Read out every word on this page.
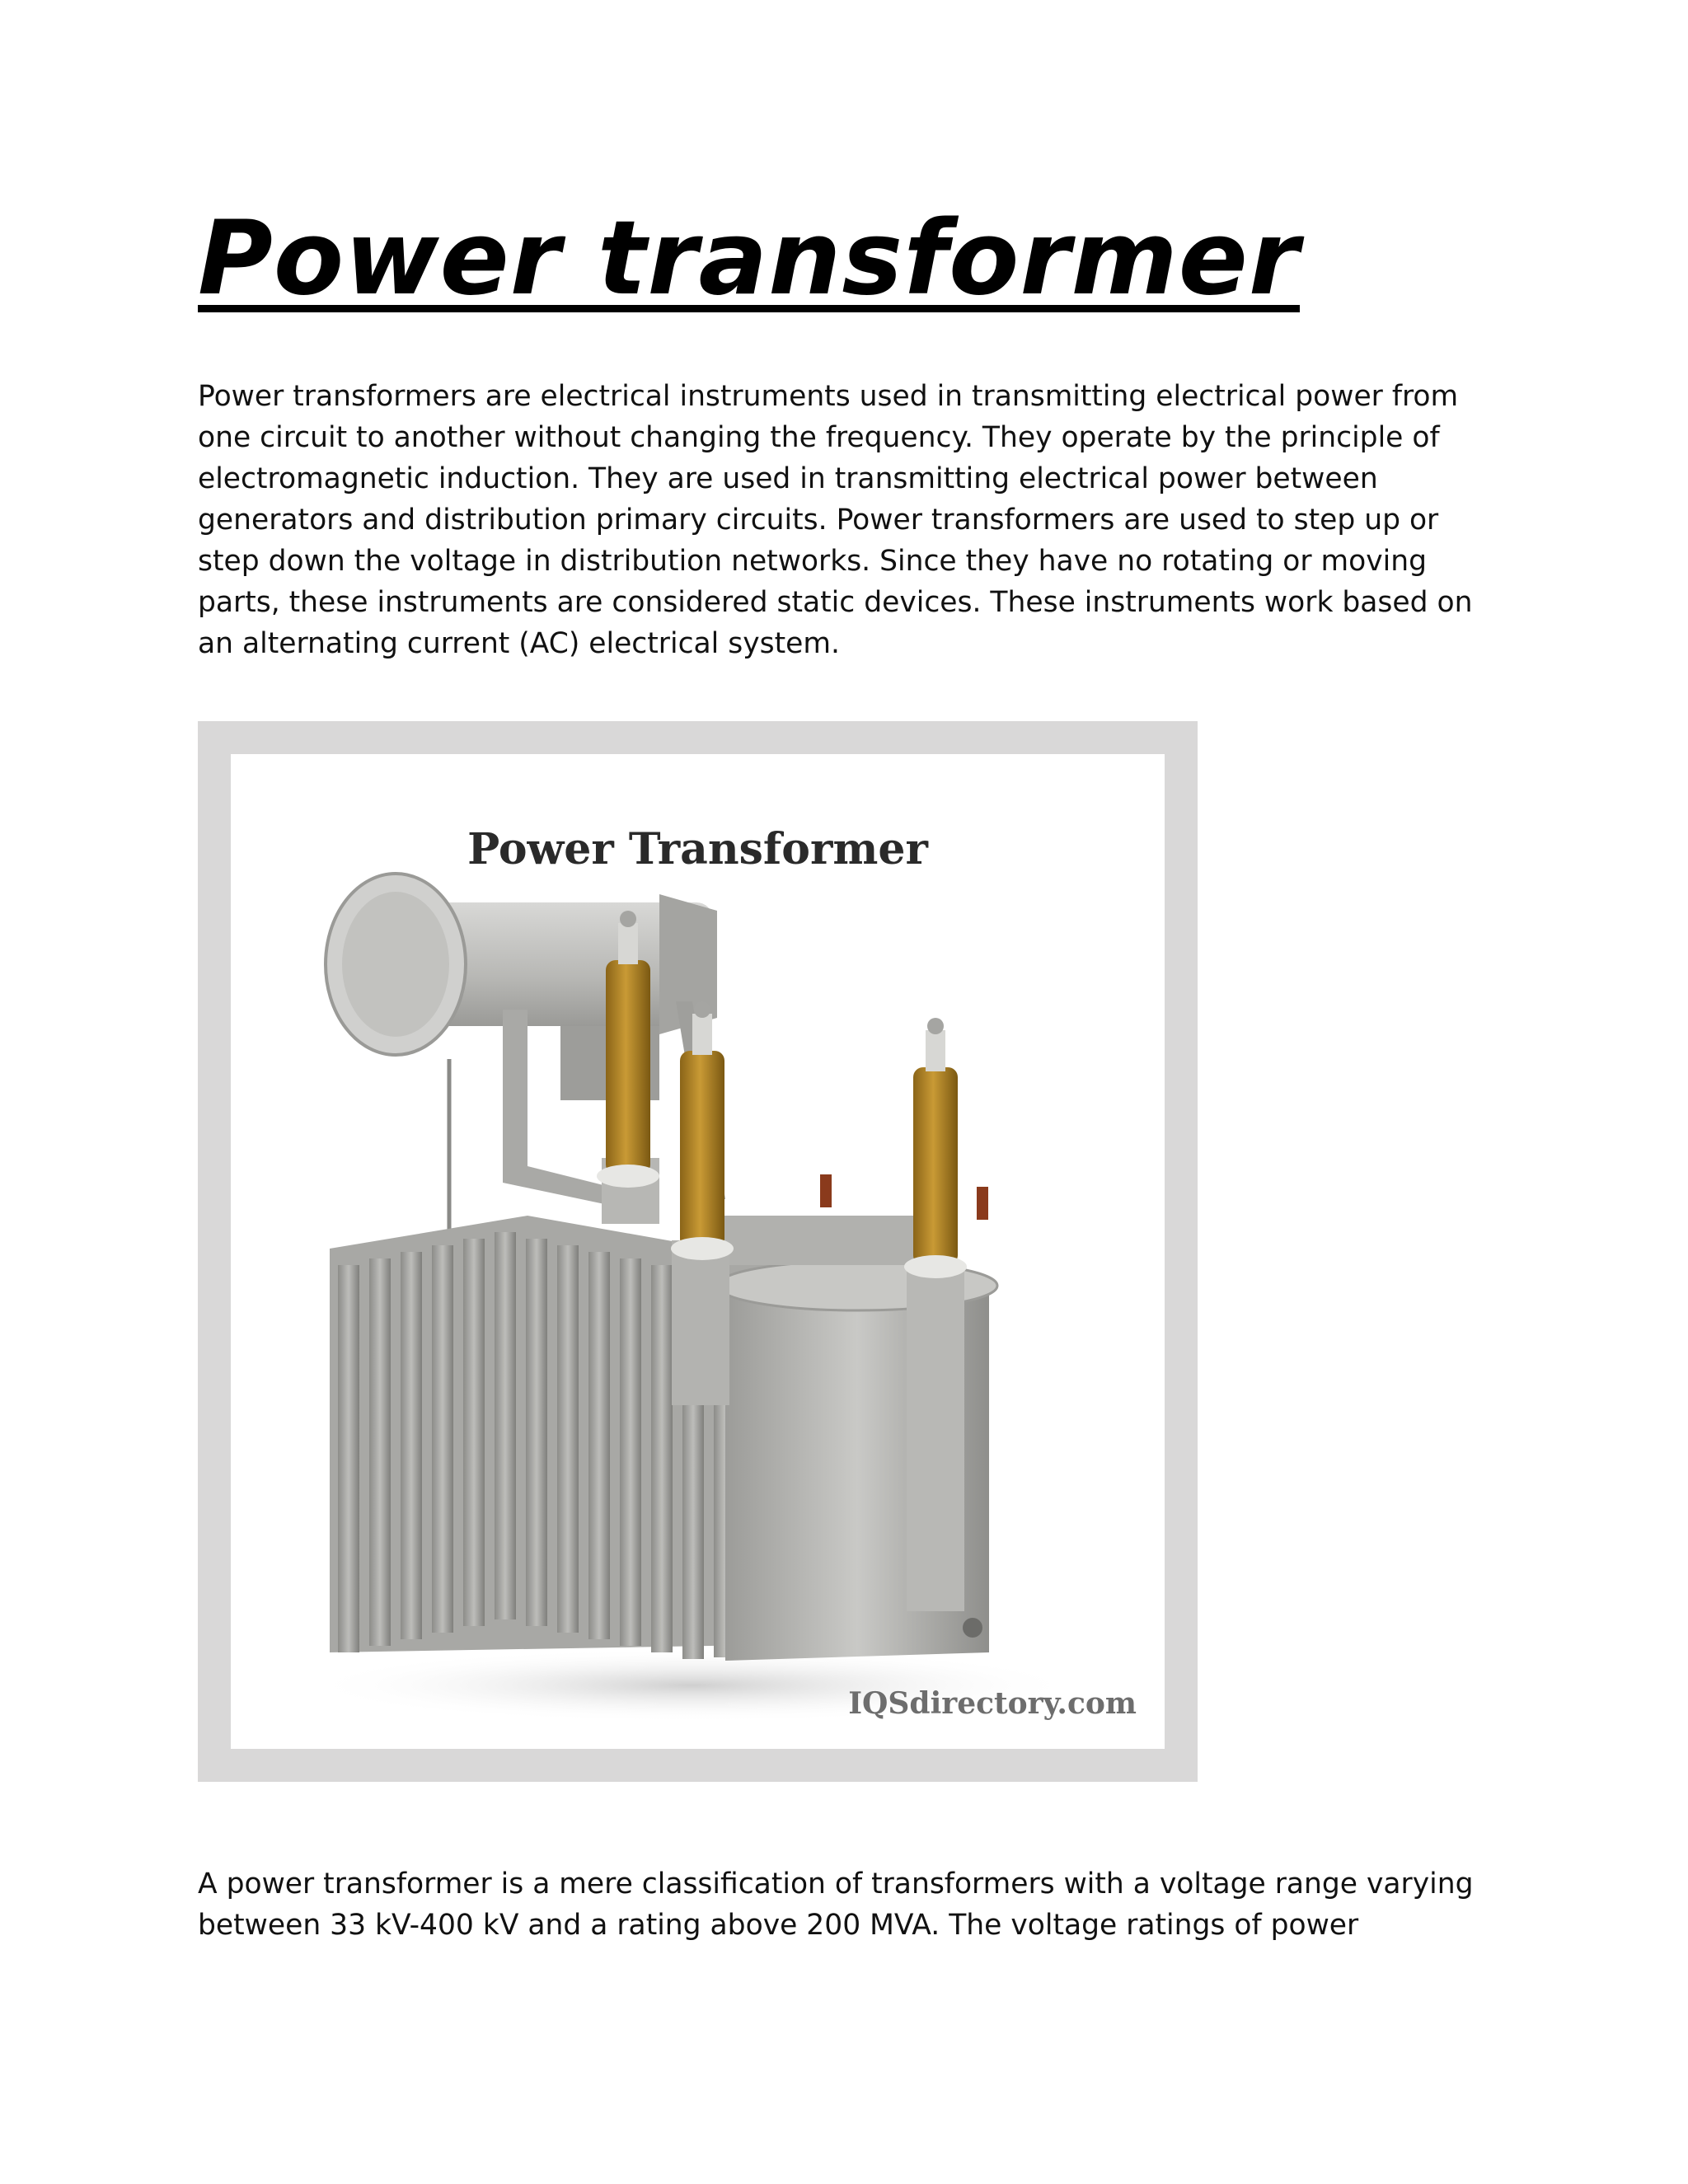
Power transformer

Power transformers are electrical instruments used in transmitting electrical power from
one circuit to another without changing the frequency. They operate by the principle of
electromagnetic induction. They are used in transmitting electrical power between
generators and distribution primary circuits. Power transformers are used to step up or
step down the voltage in distribution networks. Since they have no rotating or moving
parts, these instruments are considered static devices. These instruments work based on
an alternating current (AC) electrical system.

Power Transformer
IQSdirectory.com

A power transformer is a mere classification of transformers with a voltage range varying
between 33 kV-400 kV and a rating above 200 MVA. The voltage ratings of power
